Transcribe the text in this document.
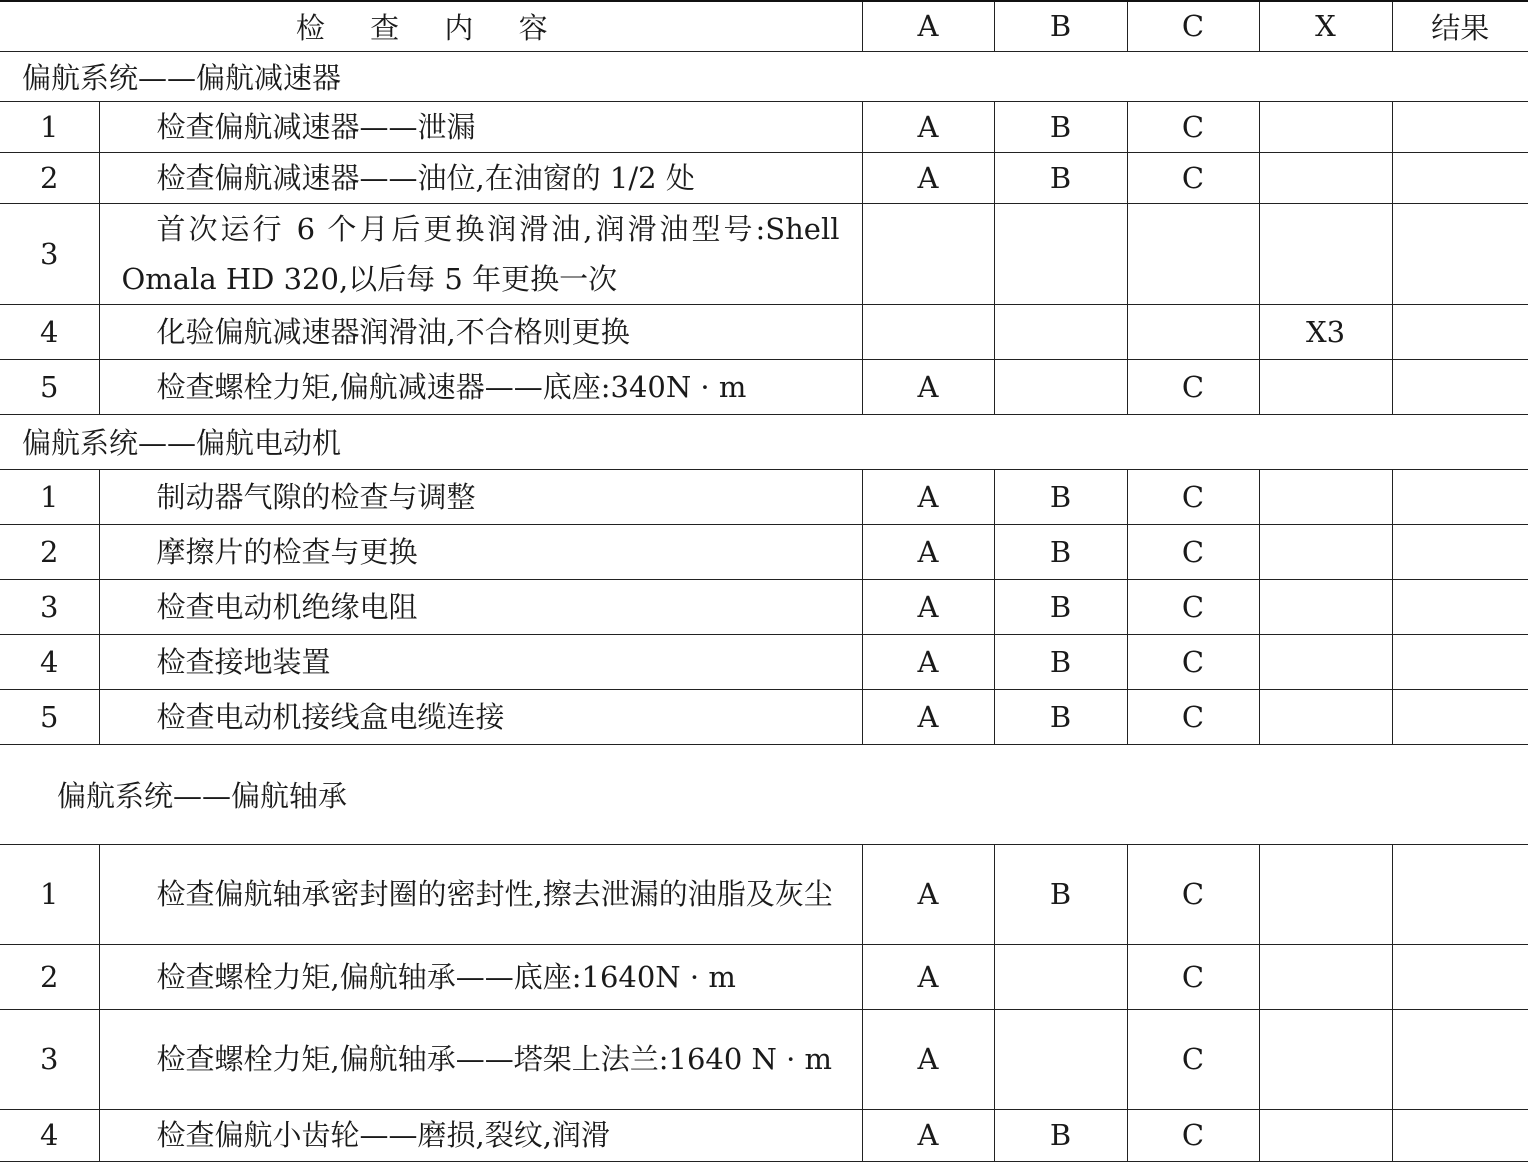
检 查 内 容		A	B	C	X	结果
偏航系统——偏航减速器						
1	检查偏航减速器——泄漏	A	B	C		
2	检查偏航减速器——油位,在油窗的 1/2 处	A	B	C		
3	首次运行 6 个月后更换润滑油,润滑油型号:Shell Omala HD 320,以后每 5 年更换一次					
4	化验偏航减速器润滑油,不合格则更换				X3	
5	检查螺栓力矩,偏航减速器——底座:340N · m	A		C		
偏航系统——偏航电动机						
1	制动器气隙的检查与调整	A	B	C		
2	摩擦片的检查与更换	A	B	C		
3	检查电动机绝缘电阻	A	B	C		
4	检查接地装置	A	B	C		
5	检查电动机接线盒电缆连接	A	B	C		
偏航系统——偏航轴承						
1	检查偏航轴承密封圈的密封性,擦去泄漏的油脂及灰尘	A	B	C		
2	检查螺栓力矩,偏航轴承——底座:1640N · m	A		C		
3	检查螺栓力矩,偏航轴承——塔架上法兰:1640 N · m	A		C		
4	检查偏航小齿轮——磨损,裂纹,润滑	A	B	C		
